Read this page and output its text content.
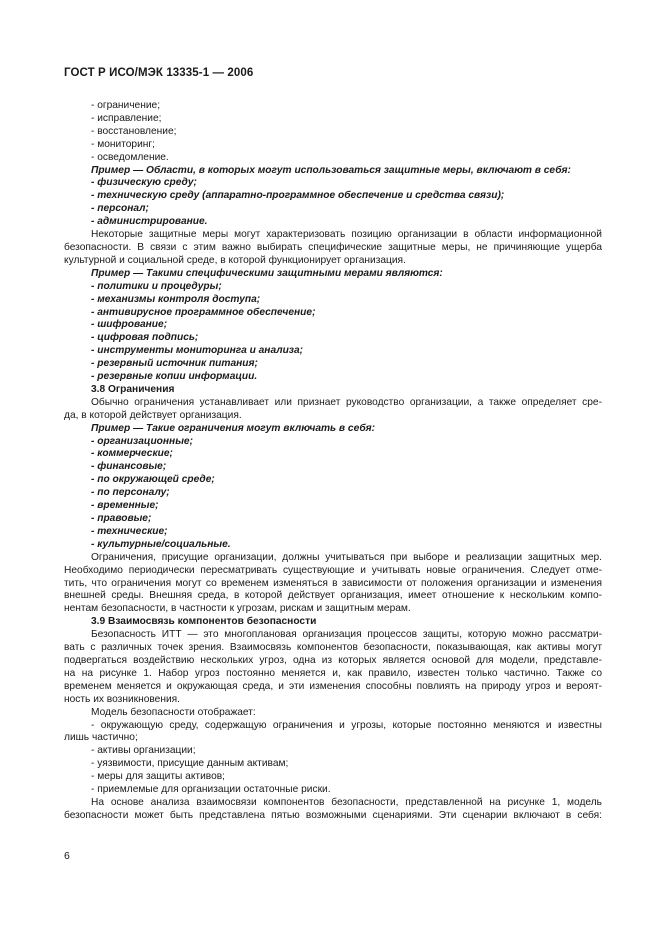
ГОСТ Р ИСО/МЭК 13335-1 — 2006

- ограничение;

- исправление;

- восстановление;

- мониторинг;

- осведомление.

Пример — Области, в которых могут использоваться защитные меры, включают в себя:

- физическую среду;

- техническую среду (аппаратно-программное обеспечение и средства связи);

- персонал;

- администрирование.

Некоторые защитные меры могут характеризовать позицию организации в области информационной

безопасности. В связи с этим важно выбирать специфические защитные меры, не причиняющие ущерба

культурной и социальной среде, в которой функционирует организация.

Пример — Такими специфическими защитными мерами являются:

- политики и процедуры;

- механизмы контроля доступа;

- антивирусное программное обеспечение;

- шифрование;

- цифровая подпись;

- инструменты мониторинга и анализа;

- резервный источник питания;

- резервные копии информации.

3.8 Ограничения

Обычно ограничения устанавливает или признает руководство организации, а также определяет сре-

да, в которой действует организация.

Пример — Такие ограничения могут включать в себя:

- организационные;

- коммерческие;

- финансовые;

- по окружающей среде;

- по персоналу;

- временные;

- правовые;

- технические;

- культурные/социальные.

Ограничения, присущие организации, должны учитываться при выборе и реализации защитных мер.

Необходимо периодически пересматривать существующие и учитывать новые ограничения. Следует отме-

тить, что ограничения могут со временем изменяться в зависимости от положения организации и изменения

внешней среды. Внешняя среда, в которой действует организация, имеет отношение к нескольким компо-

нентам безопасности, в частности к угрозам, рискам и защитным мерам.

3.9 Взаимосвязь компонентов безопасности

Безопасность ИТТ — это многоплановая организация процессов защиты, которую можно рассматри-

вать с различных точек зрения. Взаимосвязь компонентов безопасности, показывающая, как активы могут

подвергаться воздействию нескольких угроз, одна из которых является основой для модели, представле-

на на рисунке 1. Набор угроз постоянно меняется и, как правило, известен только частично. Также со

временем меняется и окружающая среда, и эти изменения способны повлиять на природу угроз и вероят-

ность их возникновения.

Модель безопасности отображает:

- окружающую среду, содержащую ограничения и угрозы, которые постоянно меняются и известны

лишь частично;

- активы организации;

- уязвимости, присущие данным активам;

- меры для защиты активов;

- приемлемые для организации остаточные риски.

На основе анализа взаимосвязи компонентов безопасности, представленной на рисунке 1, модель

безопасности может быть представлена пятью возможными сценариями. Эти сценарии включают в себя:

6
